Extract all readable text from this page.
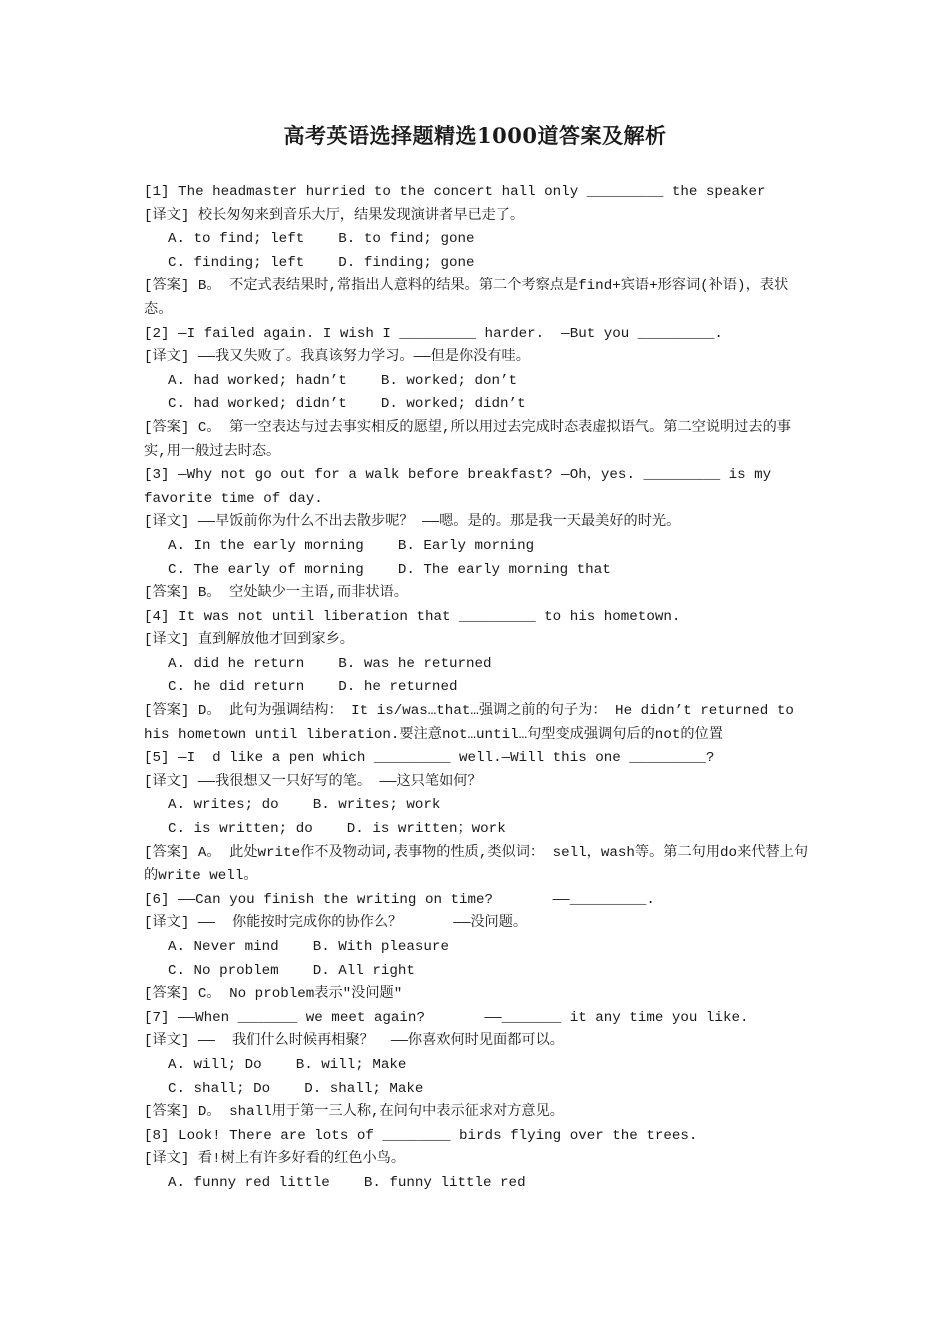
高考英语选择题精选1000道答案及解析
[1] The headmaster hurried to the concert hall only _________ the speaker
[译文] 校长匆匆来到音乐大厅，结果发现演讲者早已走了。
A. to find; left    B. to find; gone
C. finding; left    D. finding; gone
[答案] B。 不定式表结果时,常指出人意料的结果。第二个考察点是find+宾语+形容词(补语)，表状态。
[2] —I failed again. I wish I _________ harder.  —But you _________.
[译文] ——我又失败了。我真该努力学习。——但是你没有哇。
A. had worked; hadn’t    B. worked; don’t
C. had worked; didn’t    D. worked; didn’t
[答案] C。 第一空表达与过去事实相反的愿望,所以用过去完成时态表虚拟语气。第二空说明过去的事实,用一般过去时态。
[3] —Why not go out for a walk before breakfast? —Oh，yes. _________ is my favorite time of day.
[译文] ——早饭前你为什么不出去散步呢？ ——嗯。是的。那是我一天最美好的时光。
A. In the early morning    B. Early morning
C. The early of morning    D. The early morning that
[答案] B。 空处缺少一主语,而非状语。
[4] It was not until liberation that _________ to his hometown.
[译文] 直到解放他才回到家乡。
A. did he return    B. was he returned
C. he did return    D. he returned
[答案] D。 此句为强调结构： It is/was…that…强调之前的句子为： He didn’t returned to his hometown until liberation.要注意not…until…句型变成强调句后的not的位置
[5] —I  d like a pen which _________ well.—Will this one _________?
[译文] ——我很想又一只好写的笔。 ——这只笔如何？
A. writes; do    B. writes; work
C. is written; do    D. is written；work
[答案] A。 此处write作不及物动词,表事物的性质,类似词： sell，wash等。第二句用do来代替上句的write well。
[6] ――Can you finish the writing on time?       ――_________.
[译文] ――  你能按时完成你的协作么？      ――没问题。
A. Never mind    B. With pleasure
C. No problem    D. All right
[答案] C。 No problem表示"没问题"
[7] ――When _______ we meet again?       ――_______ it any time you like.
[译文] ――  我们什么时候再相聚？  ――你喜欢何时见面都可以。
A. will; Do    B. will; Make
C. shall; Do    D. shall; Make
[答案] D。 shall用于第一三人称,在问句中表示征求对方意见。
[8] Look! There are lots of ________ birds flying over the trees.
[译文] 看!树上有许多好看的红色小鸟。
A. funny red little    B. funny little red
